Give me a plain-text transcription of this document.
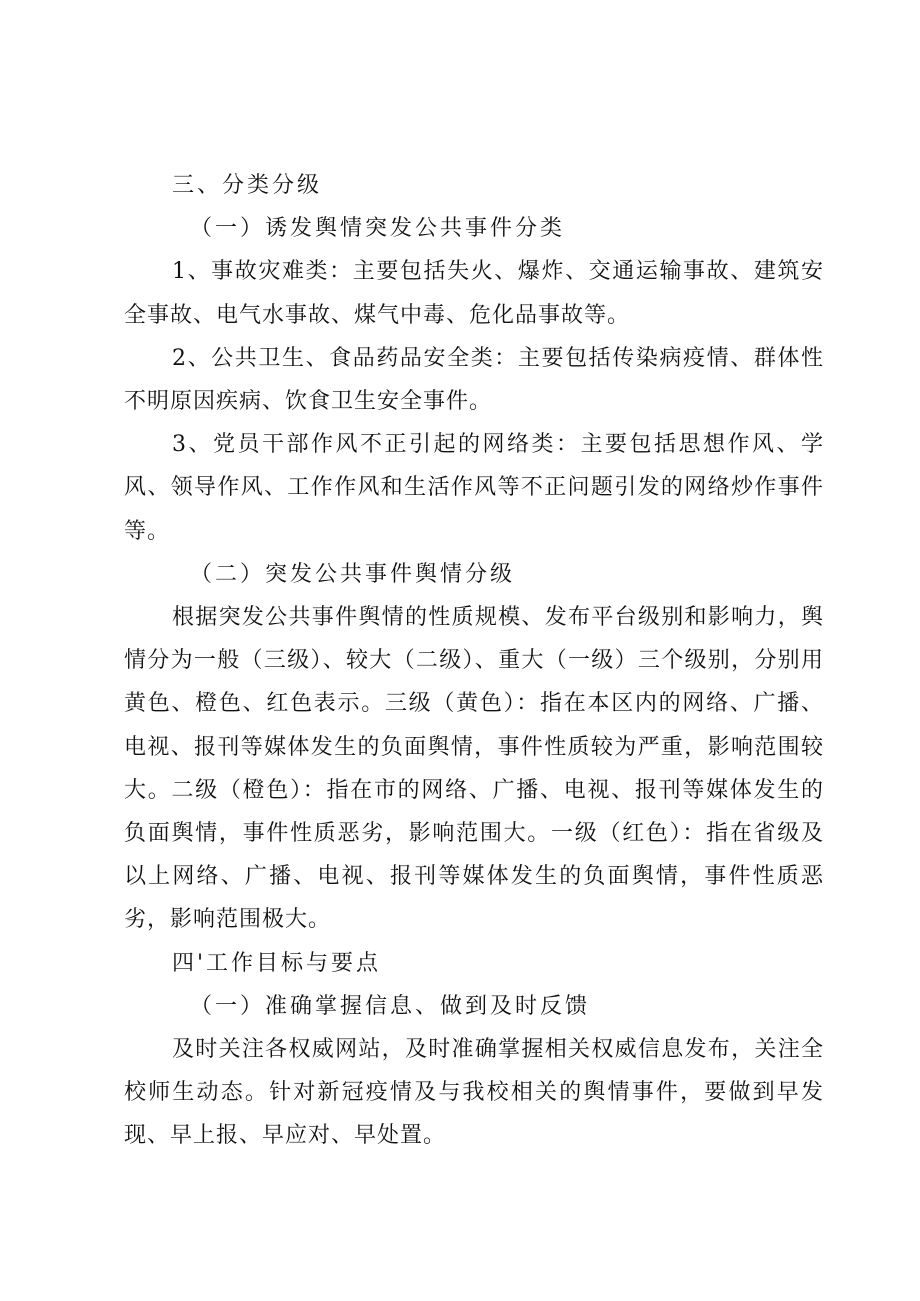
三、分类分级

（一）诱发舆情突发公共事件分类

1、事故灾难类：主要包括失火、爆炸、交通运输事故、建筑安全事故、电气水事故、煤气中毒、危化品事故等。

2、公共卫生、食品药品安全类：主要包括传染病疫情、群体性不明原因疾病、饮食卫生安全事件。

3、党员干部作风不正引起的网络类：主要包括思想作风、学风、领导作风、工作作风和生活作风等不正问题引发的网络炒作事件等。

（二）突发公共事件舆情分级

根据突发公共事件舆情的性质规模、发布平台级别和影响力，舆情分为一般（三级）、较大（二级）、重大（一级）三个级别，分别用黄色、橙色、红色表示。三级（黄色）：指在本区内的网络、广播、电视、报刊等媒体发生的负面舆情，事件性质较为严重，影响范围较大。二级（橙色）：指在市的网络、广播、电视、报刊等媒体发生的负面舆情，事件性质恶劣，影响范围大。一级（红色）：指在省级及以上网络、广播、电视、报刊等媒体发生的负面舆情，事件性质恶劣，影响范围极大。

四'工作目标与要点

（一）准确掌握信息、做到及时反馈

及时关注各权威网站，及时准确掌握相关权威信息发布，关注全校师生动态。针对新冠疫情及与我校相关的舆情事件，要做到早发现、早上报、早应对、早处置。
